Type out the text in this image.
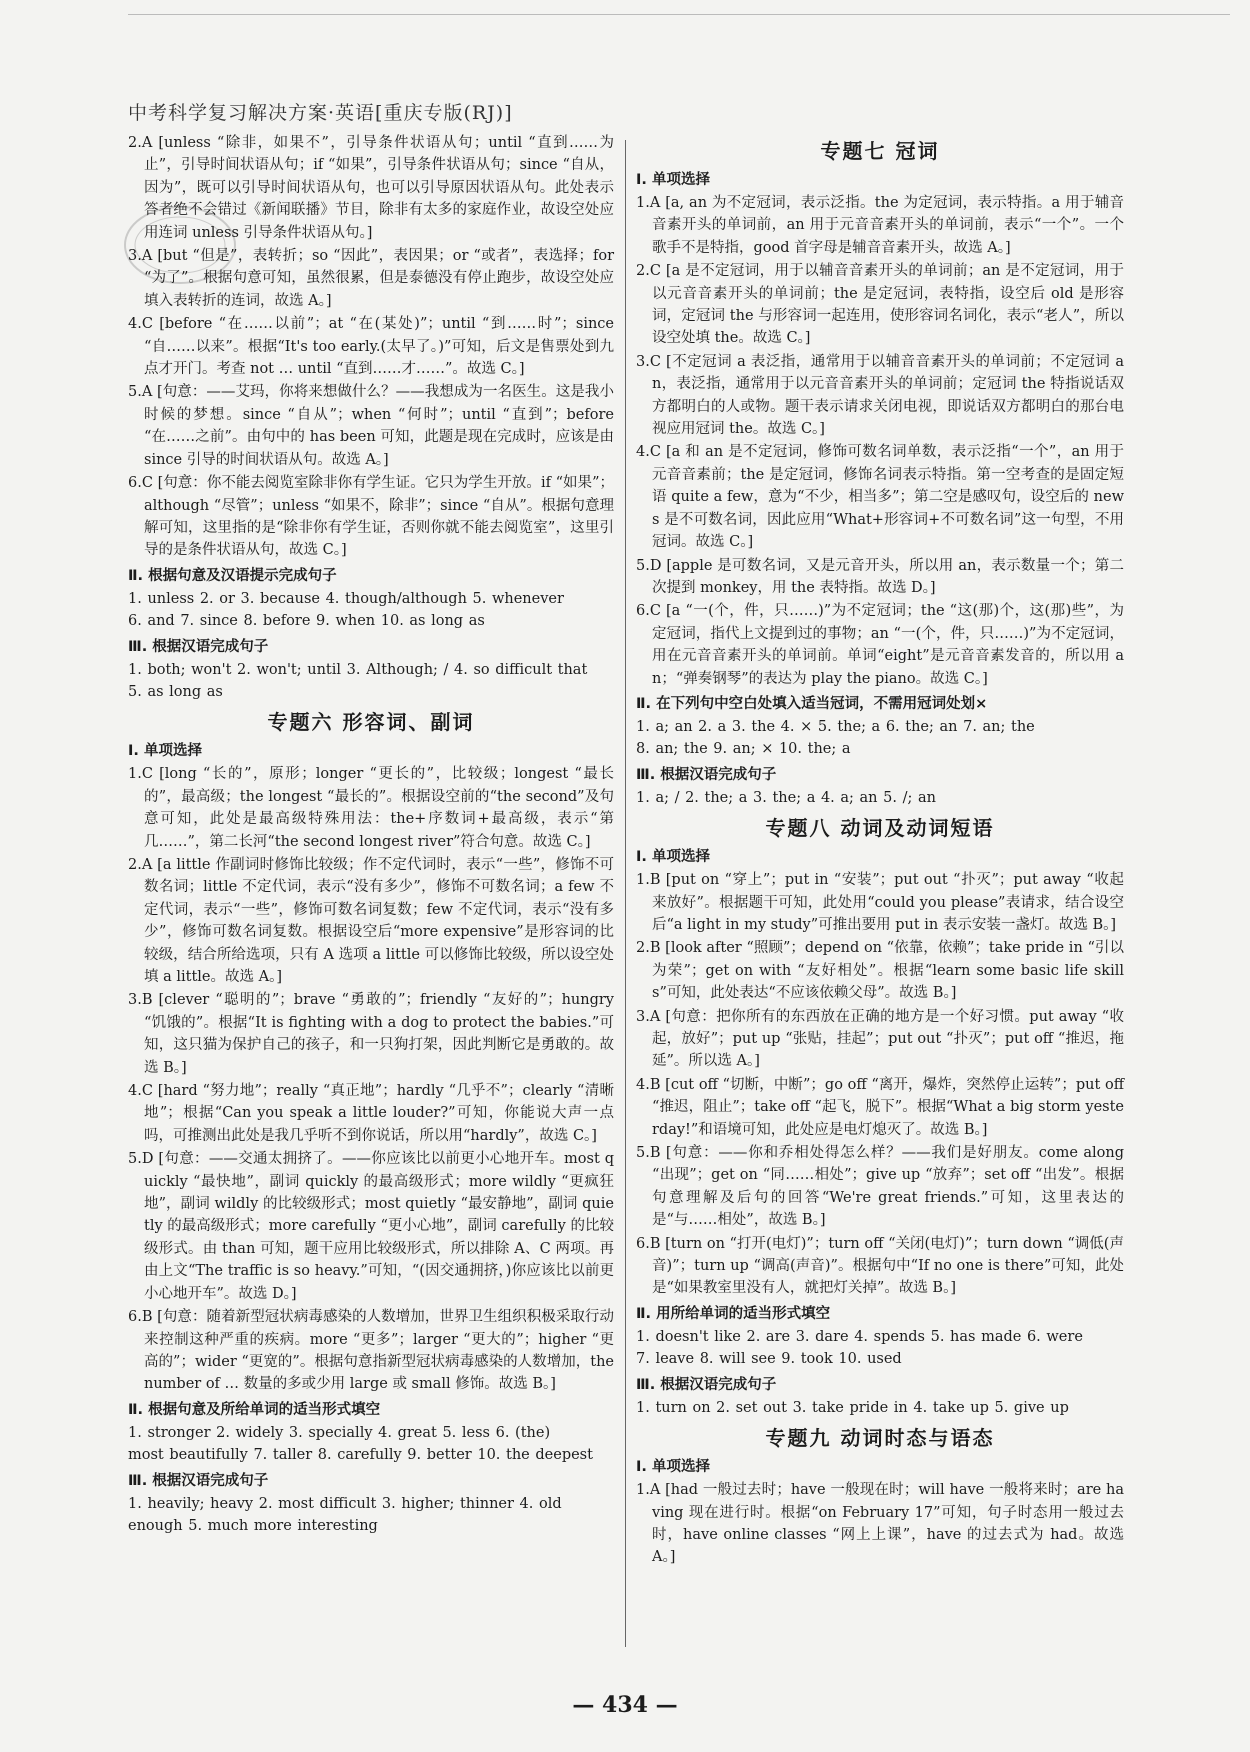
中考科学复习解决方案·英语[重庆专版(RJ)]

2.A [unless “除非，如果不”，引导条件状语从句；until “直到……为止”，引导时间状语从句；if “如果”，引导条件状语从句；since “自从，因为”，既可以引导时间状语从句，也可以引导原因状语从句。此处表示答者绝不会错过《新闻联播》节目，除非有太多的家庭作业，故设空处应用连词 unless 引导条件状语从句。]

3.A [but “但是”，表转折；so “因此”，表因果；or “或者”，表选择；for “为了”。根据句意可知，虽然很累，但是泰德没有停止跑步，故设空处应填入表转折的连词，故选 A。]

4.C [before “在……以前”；at “在(某处)”；until “到……时”；since “自……以来”。根据“It's too early.(太早了。)”可知，后文是售票处到九点才开门。考查 not … until “直到……才……”。故选 C。]

5.A [句意：——艾玛，你将来想做什么？——我想成为一名医生。这是我小时候的梦想。since “自从”；when “何时”；until “直到”；before “在……之前”。由句中的 has been 可知，此题是现在完成时，应该是由 since 引导的时间状语从句。故选 A。]

6.C [句意：你不能去阅览室除非你有学生证。它只为学生开放。if “如果”；although “尽管”；unless “如果不，除非”；since “自从”。根据句意理解可知，这里指的是“除非你有学生证，否则你就不能去阅览室”，这里引导的是条件状语从句，故选 C。]

Ⅱ. 根据句意及汉语提示完成句子

1. unless 2. or 3. because 4. though/although 5. whenever

6. and 7. since 8. before 9. when 10. as long as

Ⅲ. 根据汉语完成句子

1. both; won't 2. won't; until 3. Although; / 4. so difficult that

5. as long as

专题六 形容词、副词
Ⅰ. 单项选择

1.C [long “长的”，原形；longer “更长的”，比较级；longest “最长的”，最高级；the longest “最长的”。根据设空前的“the second”及句意可知，此处是最高级特殊用法：the+序数词+最高级，表示“第几……”，第二长河“the second longest river”符合句意。故选 C。]

2.A [a little 作副词时修饰比较级；作不定代词时，表示“一些”，修饰不可数名词；little 不定代词，表示“没有多少”，修饰不可数名词；a few 不定代词，表示“一些”，修饰可数名词复数；few 不定代词，表示“没有多少”，修饰可数名词复数。根据设空后“more expensive”是形容词的比较级，结合所给选项，只有 A 选项 a little 可以修饰比较级，所以设空处填 a little。故选 A。]

3.B [clever “聪明的”；brave “勇敢的”；friendly “友好的”；hungry “饥饿的”。根据“It is fighting with a dog to protect the babies.”可知，这只猫为保护自己的孩子，和一只狗打架，因此判断它是勇敢的。故选 B。]

4.C [hard “努力地”；really “真正地”；hardly “几乎不”；clearly “清晰地”；根据“Can you speak a little louder?”可知，你能说大声一点吗，可推测出此处是我几乎听不到你说话，所以用“hardly”，故选 C。]

5.D [句意：——交通太拥挤了。——你应该比以前更小心地开车。most quickly “最快地”，副词 quickly 的最高级形式；more wildly “更疯狂地”，副词 wildly 的比较级形式；most quietly “最安静地”，副词 quietly 的最高级形式；more carefully “更小心地”，副词 carefully 的比较级形式。由 than 可知，题干应用比较级形式，所以排除 A、C 两项。再由上文“The traffic is so heavy.”可知，“(因交通拥挤，)你应该比以前更小心地开车”。故选 D。]

6.B [句意：随着新型冠状病毒感染的人数增加，世界卫生组织积极采取行动来控制这种严重的疾病。more “更多”；larger “更大的”；higher “更高的”；wider “更宽的”。根据句意指新型冠状病毒感染的人数增加，the number of … 数量的多或少用 large 或 small 修饰。故选 B。]

Ⅱ. 根据句意及所给单词的适当形式填空

1. stronger 2. widely 3. specially 4. great 5. less 6. (the)

most beautifully 7. taller 8. carefully 9. better 10. the deepest

Ⅲ. 根据汉语完成句子

1. heavily; heavy 2. most difficult 3. higher; thinner 4. old

enough 5. much more interesting

专题七 冠词
Ⅰ. 单项选择

1.A [a, an 为不定冠词，表示泛指。the 为定冠词，表示特指。a 用于辅音音素开头的单词前，an 用于元音音素开头的单词前，表示“一个”。一个歌手不是特指，good 首字母是辅音音素开头，故选 A。]

2.C [a 是不定冠词，用于以辅音音素开头的单词前；an 是不定冠词，用于以元音音素开头的单词前；the 是定冠词，表特指，设空后 old 是形容词，定冠词 the 与形容词一起连用，使形容词名词化，表示“老人”，所以设空处填 the。故选 C。]

3.C [不定冠词 a 表泛指，通常用于以辅音音素开头的单词前；不定冠词 an，表泛指，通常用于以元音音素开头的单词前；定冠词 the 特指说话双方都明白的人或物。题干表示请求关闭电视，即说话双方都明白的那台电视应用冠词 the。故选 C。]

4.C [a 和 an 是不定冠词，修饰可数名词单数，表示泛指“一个”，an 用于元音音素前；the 是定冠词，修饰名词表示特指。第一空考查的是固定短语 quite a few，意为“不少，相当多”；第二空是感叹句，设空后的 news 是不可数名词，因此应用“What+形容词+不可数名词”这一句型，不用冠词。故选 C。]

5.D [apple 是可数名词，又是元音开头，所以用 an，表示数量一个；第二次提到 monkey，用 the 表特指。故选 D。]

6.C [a “一(个，件，只……)”为不定冠词；the “这(那)个，这(那)些”，为定冠词，指代上文提到过的事物；an “一(个，件，只……)”为不定冠词，用在元音音素开头的单词前。单词“eight”是元音音素发音的，所以用 an；“弹奏钢琴”的表达为 play the piano。故选 C。]

Ⅱ. 在下列句中空白处填入适当冠词，不需用冠词处划×

1. a; an 2. a 3. the 4. × 5. the; a 6. the; an 7. an; the

8. an; the 9. an; × 10. the; a

Ⅲ. 根据汉语完成句子

1. a; / 2. the; a 3. the; a 4. a; an 5. /; an

专题八 动词及动词短语
Ⅰ. 单项选择

1.B [put on “穿上”；put in “安装”；put out “扑灭”；put away “收起来放好”。根据题干可知，此处用“could you please”表请求，结合设空后“a light in my study”可推出要用 put in 表示安装一盏灯。故选 B。]

2.B [look after “照顾”；depend on “依靠，依赖”；take pride in “引以为荣”；get on with “友好相处”。根据“learn some basic life skills”可知，此处表达“不应该依赖父母”。故选 B。]

3.A [句意：把你所有的东西放在正确的地方是一个好习惯。put away “收起，放好”；put up “张贴，挂起”；put out “扑灭”；put off “推迟，拖延”。所以选 A。]

4.B [cut off “切断，中断”；go off “离开，爆炸，突然停止运转”；put off “推迟，阻止”；take off “起飞，脱下”。根据“What a big storm yesterday!”和语境可知，此处应是电灯熄灭了。故选 B。]

5.B [句意：——你和乔相处得怎么样？——我们是好朋友。come along “出现”；get on “同……相处”；give up “放弃”；set off “出发”。根据句意理解及后句的回答“We're great friends.”可知，这里表达的是“与……相处”，故选 B。]

6.B [turn on “打开(电灯)”；turn off “关闭(电灯)”；turn down “调低(声音)”；turn up “调高(声音)”。根据句中“If no one is there”可知，此处是“如果教室里没有人，就把灯关掉”。故选 B。]

Ⅱ. 用所给单词的适当形式填空

1. doesn't like 2. are 3. dare 4. spends 5. has made 6. were

7. leave 8. will see 9. took 10. used

Ⅲ. 根据汉语完成句子

1. turn on 2. set out 3. take pride in 4. take up 5. give up

专题九 动词时态与语态
Ⅰ. 单项选择

1.A [had 一般过去时；have 一般现在时；will have 一般将来时；are having 现在进行时。根据“on February 17”可知，句子时态用一般过去时，have online classes “网上上课”，have 的过去式为 had。故选 A。]

— 434 —
